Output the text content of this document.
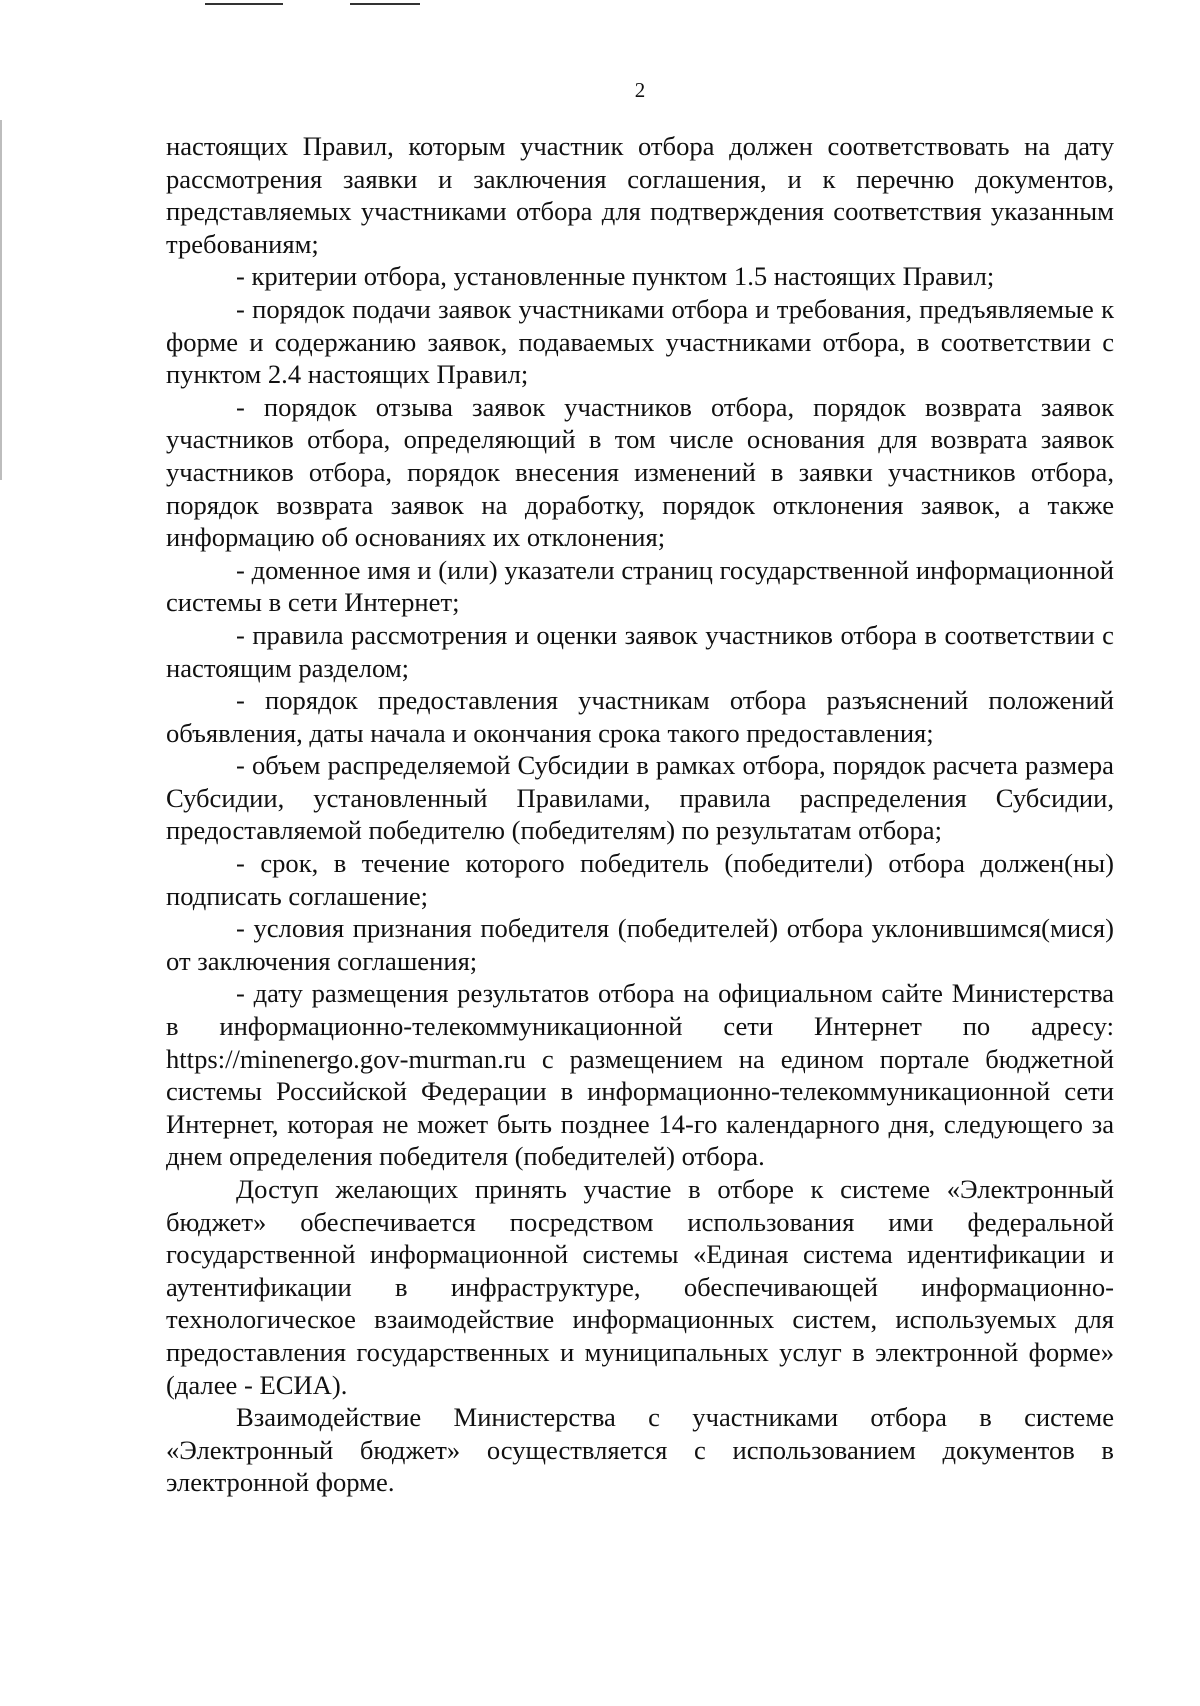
2

настоящих Правил, которым участник отбора должен соответствовать на дату рассмотрения заявки и заключения соглашения, и к перечню документов, представляемых участниками отбора для подтверждения соответствия указанным требованиям;

- критерии отбора, установленные пунктом 1.5 настоящих Правил;

- порядок подачи заявок участниками отбора и требования, предъявляемые к форме и содержанию заявок, подаваемых участниками отбора, в соответствии с пунктом 2.4 настоящих Правил;

- порядок отзыва заявок участников отбора, порядок возврата заявок участников отбора, определяющий в том числе основания для возврата заявок участников отбора, порядок внесения изменений в заявки участников отбора, порядок возврата заявок на доработку, порядок отклонения заявок, а также информацию об основаниях их отклонения;

- доменное имя и (или) указатели страниц государственной информационной системы в сети Интернет;

- правила рассмотрения и оценки заявок участников отбора в соответствии с настоящим разделом;

- порядок предоставления участникам отбора разъяснений положений объявления, даты начала и окончания срока такого предоставления;

- объем распределяемой Субсидии в рамках отбора, порядок расчета размера Субсидии, установленный Правилами, правила распределения Субсидии, предоставляемой победителю (победителям) по результатам отбора;

- срок, в течение которого победитель (победители) отбора должен(ны) подписать соглашение;

- условия признания победителя (победителей) отбора уклонившимся(мися) от заключения соглашения;

- дату размещения результатов отбора на официальном сайте Министерства в информационно-телекоммуникационной сети Интернет по адресу: https://minenergo.gov-murman.ru с размещением на едином портале бюджетной системы Российской Федерации в информационно-телекоммуникационной сети Интернет, которая не может быть позднее 14-го календарного дня, следующего за днем определения победителя (победителей) отбора.

Доступ желающих принять участие в отборе к системе «Электронный бюджет» обеспечивается посредством использования ими федеральной государственной информационной системы «Единая система идентификации и аутентификации в инфраструктуре, обеспечивающей информационно-технологическое взаимодействие информационных систем, используемых для предоставления государственных и муниципальных услуг в электронной форме» (далее - ЕСИА).

Взаимодействие Министерства с участниками отбора в системе «Электронный бюджет» осуществляется с использованием документов в электронной форме.
